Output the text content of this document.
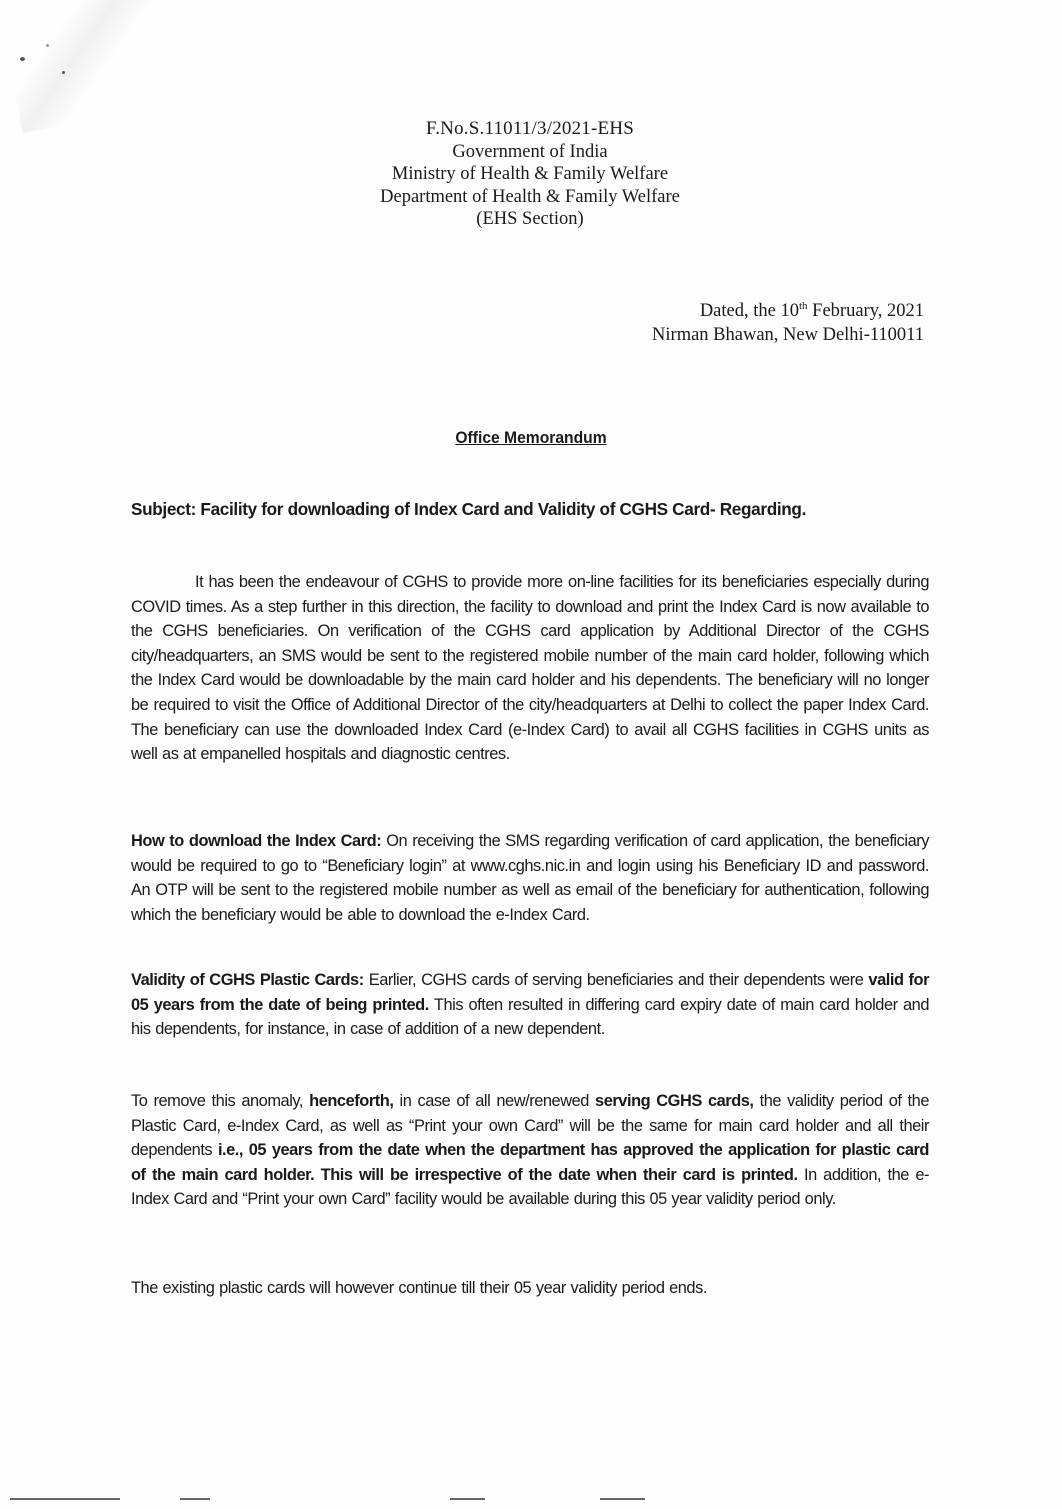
F.No.S.11011/3/2021-EHS
Government of India
Ministry of Health & Family Welfare
Department of Health & Family Welfare
(EHS Section)
Dated, the 10th February, 2021
Nirman Bhawan, New Delhi-110011
Office Memorandum
Subject: Facility for downloading of Index Card and Validity of CGHS Card- Regarding.
It has been the endeavour of CGHS to provide more on-line facilities for its beneficiaries especially during COVID times. As a step further in this direction, the facility to download and print the Index Card is now available to the CGHS beneficiaries. On verification of the CGHS card application by Additional Director of the CGHS city/headquarters, an SMS would be sent to the registered mobile number of the main card holder, following which the Index Card would be downloadable by the main card holder and his dependents. The beneficiary will no longer be required to visit the Office of Additional Director of the city/headquarters at Delhi to collect the paper Index Card. The beneficiary can use the downloaded Index Card (e-Index Card) to avail all CGHS facilities in CGHS units as well as at empanelled hospitals and diagnostic centres.
How to download the Index Card: On receiving the SMS regarding verification of card application, the beneficiary would be required to go to “Beneficiary login” at www.cghs.nic.in and login using his Beneficiary ID and password. An OTP will be sent to the registered mobile number as well as email of the beneficiary for authentication, following which the beneficiary would be able to download the e-Index Card.
Validity of CGHS Plastic Cards: Earlier, CGHS cards of serving beneficiaries and their dependents were valid for 05 years from the date of being printed. This often resulted in differing card expiry date of main card holder and his dependents, for instance, in case of addition of a new dependent.
To remove this anomaly, henceforth, in case of all new/renewed serving CGHS cards, the validity period of the Plastic Card, e-Index Card, as well as “Print your own Card” will be the same for main card holder and all their dependents i.e., 05 years from the date when the department has approved the application for plastic card of the main card holder. This will be irrespective of the date when their card is printed. In addition, the e-Index Card and “Print your own Card” facility would be available during this 05 year validity period only.
The existing plastic cards will however continue till their 05 year validity period ends.
